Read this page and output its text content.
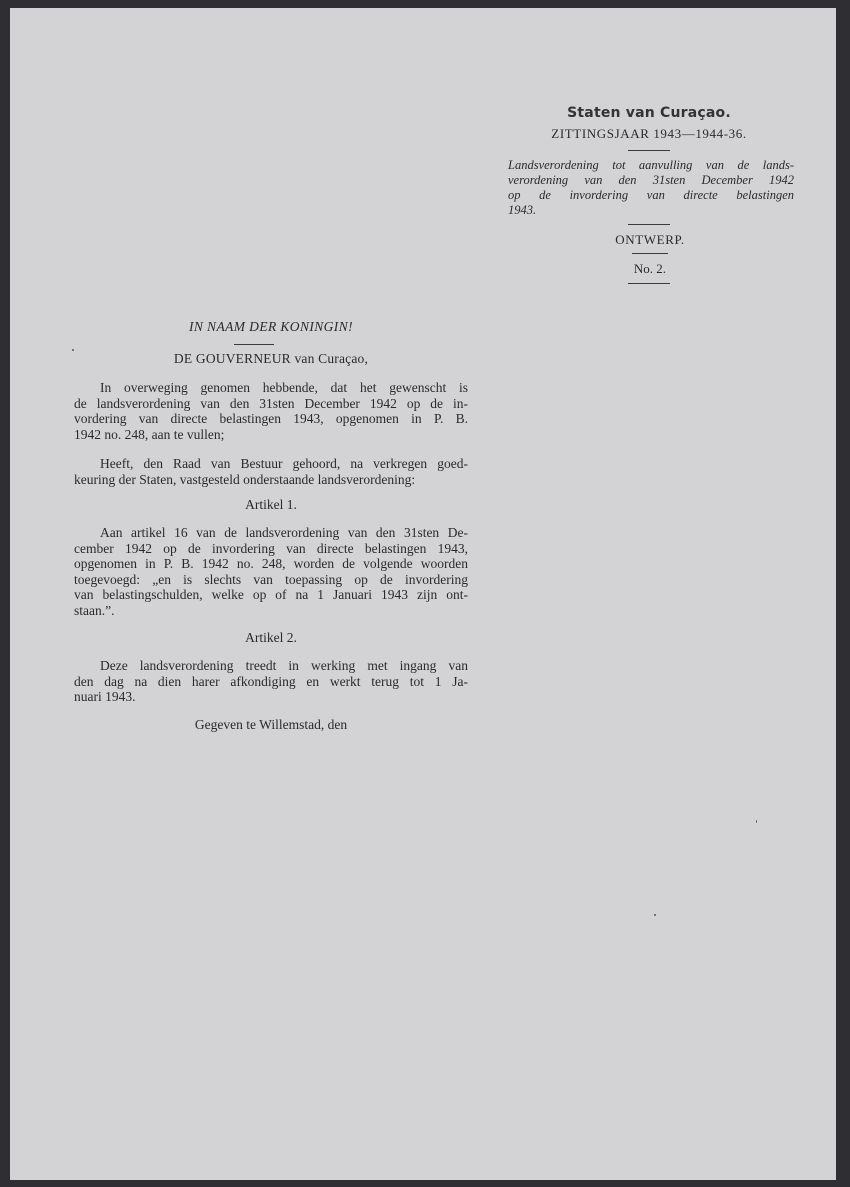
Staten van Curaçao.
ZITTINGSJAAR 1943—1944-36.
Landsverordening tot aanvulling van de lands-
verordening van den 31sten December 1942
op de invordering van directe belastingen
1943.
ONTWERP.
No. 2.
IN NAAM DER KONINGIN!
DE GOUVERNEUR van Curaçao,
In overweging genomen hebbende, dat het gewenscht is
de landsverordening van den 31sten December 1942 op de in-
vordering van directe belastingen 1943, opgenomen in P. B.
1942 no. 248, aan te vullen;
Heeft, den Raad van Bestuur gehoord, na verkregen goed-
keuring der Staten, vastgesteld onderstaande landsverordening:
Artikel 1.
Aan artikel 16 van de landsverordening van den 31sten De-
cember 1942 op de invordering van directe belastingen 1943,
opgenomen in P. B. 1942 no. 248, worden de volgende woorden
toegevoegd: „en is slechts van toepassing op de invordering
van belastingschulden, welke op of na 1 Januari 1943 zijn ont-
staan.”.
Artikel 2.
Deze landsverordening treedt in werking met ingang van
den dag na dien harer afkondiging en werkt terug tot 1 Ja-
nuari 1943.
Gegeven te Willemstad, den
